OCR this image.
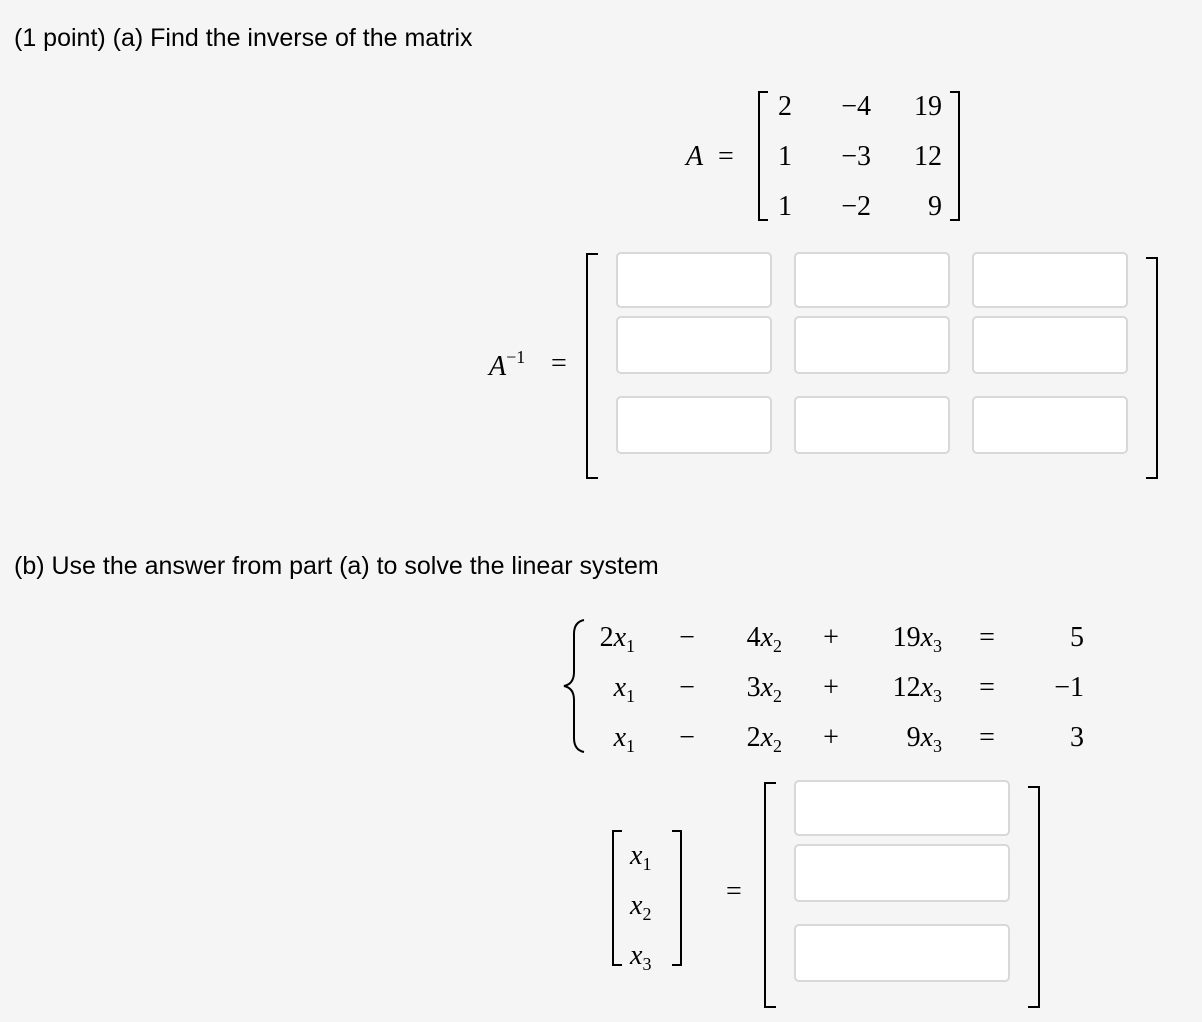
(1 point) (a) Find the inverse of the matrix
A =
2	−4	19
1	−3	12
1	−2	9
$A^{-1}$ =
(b) Use the answer from part (a) to solve the linear system
$2x_1$ −	$4x_2$ +	$19x_3$ =	5
$x_1$ −	$3x_2$ +	$12x_3$ =	−1
$x_1$ −	$2x_2$ +	$9x_3$ =	3
$x_1$
$x_2$
$x_3$
=
